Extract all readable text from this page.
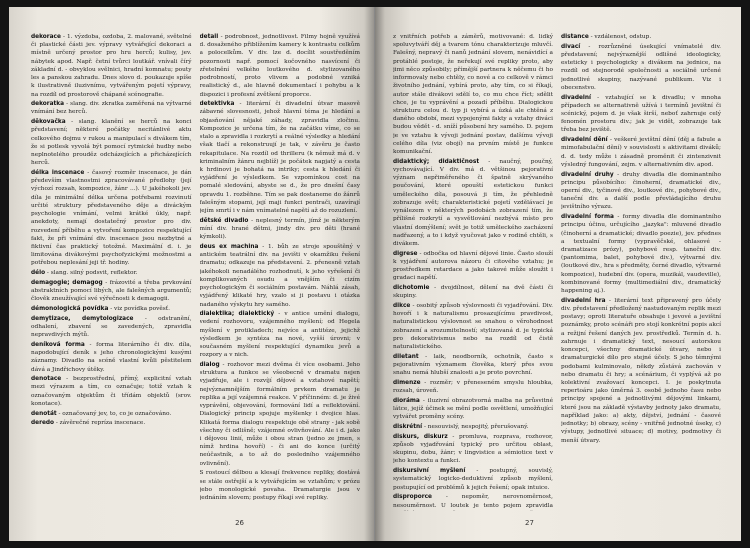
dekorace - 1. výzdoba, ozdoba, 2. malované, světelné či plastické části jev. výpravy vytvářející dekoraci a místně určený prostor pro hru herců; kulisy, jev. nábytek apod. Např. četní tvůrci loutkář. vnívali čírý základní d. - obvyklou svělnici, hradní komnatu; pouty les a panskou zahradu. Dnes slovo d. poukazuje spíše k ilustrativně iluzivnímu, vytvářeným pojetí výpravy, na rozdíl od prostorově chápané scénografie.

dekoratka - slang. div. zkratka zaměřená na výtvarné vnímání bez herců.

děkovačka - slang. klanění se herců na konci představení; některé počátky necitánlivé aktu celkového dojmu v rukou a manipulací s divákem tím, že si potlesk vyvolá být pomocí rytmické hudby nebo neplnotelého prouděz odcházejících a přicházejících herců.

délka inscenace - časový rozměr inscenace, je dán především vlastnostmi zpracovávané předlohy (její výchozí rozsah, kompozice, žánr ...). U jakéhokoli jev. díla je minimální délka určena potřebami rozvinutí určité struktury představeného děje a diváckým psychologie vnímání, velmi krátké úkly, např. anekdoty, nemají dostatečný prostor pro div. rozvedení příběhu a vytvoření kompozice respektující fakt, že při vnímání div. inscenace jsou nezbytné a fiktivní čas praktický totožné. Maximální d. i. je limitována divákovými psychofyzickými možnostmi a potřebou neplesání jeji tř. hodiny.

délo - slang. silný podsvit, reflektor.

demagogie; demagog - frázovité a třeba prvkování abstraktních pomocí libých, ale falešných argumentů; člověk zneužívající své výřečnosti k demagogii.

démonologická povídka - viz povídka pověsť.

demytizace, demytologizace - odstranění, odhalení, zbavení se zavedených, zpravidla nepravdivých mýtů.

deníková forma - forma literárního či div. díla, napodobující deník s jeho chronologickými kusými záznamy. Divadlo na scéně vlastní kvůli pěstitelem dává a Jindřichovy útěky.

denotace - bezprostřední, přímý, explicitní vztah mezi výrazem a tím, co označuje; totiž vztah k označovaným objektům či třídám objektů (srov. konotace).

denotát - označovaný jev, to, co je označováno.

deredo - závěrečné repríza inscenace.

detail - podrobnost, jednotlivost. Filmy hojně využívá d. dosaženého přiblížením kamery k kontrastu celkům a polocelkům. V div. lze d. docílit soustředěním pozornosti např. pomocí kočovného nasvícení či zřetelnění velkého loutkového d. stylizovaného podrobností, proto vlivem a podobné vzniká realistický d., ale hlavně dokumentací i pohybu a k dispozici i profesní zvětšení proporce.

detektivka - literární či divadelní útvar masově zábavné slovesnosti, jehož hlavní téma je hledání a objasňování nějaké záhady, zpravidla zločinu. Kompozice je určena tím, že na začátku víme, co se stalo a zpravidla i rozkrytí a reálné výsledky a hledání však tlačí a rekonstruují je tak, v závěru je často rekapitulace. Na rozdíl od thrilleru (k němuž má d. v kriminalním žánru nejblíž) je počátek napjatý a cesta k hrdinovi je bohatá na intriky; cesta k hledání či vyjádření je výsledkem. Se vzpomínkou cost na pomalé sledování, abyste se d., že pro dnešní časy opravdu 1. rozběhne. Tím se pak dostaneme do žánrů falešným stopami, její maji funkci pentrači, uzavírají jejím smrtí i v nám vnímatelné napětí až do rozuzlení.

dětské divadlo - neplesný termín, jímž je některým míní div. hrané dětmi, jindy div. pro děti (hrané kýmkoli).

deus ex machina - 1. bůh ze stroje spouštěný v antickém teatrální div. na jevišti v okamžiku řešení dramatu; odkazuje na představení. 2. přenesně vztah jakéhokoli nenadálého rozhodnutí, k jeho vyřešení či komplikovaných osudu a vnějším či cizím psychologickým či sociálním postavám. Náhlá zásah, vyjádřený klikaté hry, vzalo si ji postavu i otázka nadaného výskytu hry samého.

dialektika; dialektický - v antice umění dialogu, vedení rozhovoru, vzájemného myšlení; od Hegela myšlení v protikladech; nejvíce a antitéze, jejichž výsledkem je syntéza na nové, vyšší úrovni; v současném myšlení respektující dynamiku jevů a rozpory a v nich.

dialog - rozhovor mezi dvěma či více osobami. Jeho struktura a funkce se všeobecně v dramatu nejen vyjadřuje, ale i rozvíjí dějové a vztahové napětí; nejvýznamnějším formálním prvkem dramatu je replika a její vzájemná reakce. V příčinném: d. je živé vyprávění, objevování, formování lidí a reflektování. Dialogický princip spojuje myšlenky i dvojice hlas. Klikatá forma dialogu respektuje obě strany - jak sobě všechny či odlišně; vzájemné ovlivňování. Ale i d. jako i dějovou linií, může i obou stran (jedno ze jmen, s nímž hrdina hovoří) - či ani do konce (určitý neúčastník, a to až do posledního vzájemného ovlivnění).

S rostoucí dělbou a klesají frekvence repliky, dostává se stále ostřejší a k vytvářejícím se vztahům; v prózu jebo monologické povaha. Dramaturgie jsou v jednáním slovem; postupy říkají své repliky.

26

z vnitřních potřeb a záměrů, motivované: d. lidký spoluvytváří děj a tvarem tónu charakterizuje mluvčí. Falešný, nepravý či nanů jednání slovem, nenávidící a protáhlé postoje, že neřekují své repliky proto, aby jimi něco způsobily; přímější partnera k něčemu či ho informovaly nebo chtěly, co nové a co celkově v rámci životního jednání, vybírá proto, aby tím, co si říkají, autor stále divákovi sdělí to, co mu chce říct; sdělit chce, je tu vyprávění a pozadí příběhu. Dialogickou strukturu celou d. typ ji vybírá a úzká ale chtěná z daného období, mezi vypojenými fakty a vztahy diváci budou vědět - d. sníží působení hry samého. D. pojem je ve vztahu k vývoji jednání postav, dalšímu vývoji celého díla (viz obojí) na prvním místě je funkce komunikační.

didaktický; didaktičnost - naučný, poučný, vychovávající. V div. má d. většinou pejorativní význam nepřiměřeného či špatně skrývaného poučování, které opouští estetickou funkci uměleckého díla, posouvá ji tím, že přehledně zobrazuje svět; charakteristické pojetí vzdělávací je vynálezem v některých podobách zobrazení tím, že přílišné rozkrytí a vysvětlování nezbývá místo pro vlastní domýšlení; svět je totiž uměleckého zacházení nadřazený, a to i když vyučovat jako v rodině chtěli, s divákem.

digrese - odbočka od hlavní dějové linie. Často slouží k vyjádření autorova názoru či citového vztahu; je prostředkem retardace a jako takové může sloužit i gradaci napětí.

dichotomie - dvojdílnost, dělení na dvě části či skupiny.

dikce - osobitý způsob výslovnosti či vyjadřování. Div. hovoří i k naturalismu prosazujícímu pravdivost, naturalistickou výslovnost se snahou o věrohodnost zobrazení a srozumitelností; stylizovaná d. je typická pro dekorativismus nebo na rozdíl od čistě naturalistického.

diletant - laik, neodborník, ochotník, často s pejorativním významem člověka, který přes svou snahu nemá hlubší znalosti a je proto povrchní.

dimenze - rozměr; v přeneseném smyslu hloubka, rozsah, úroveň.

dioráma - iluzivní obrazotvorná malba na průsvitné látce, jejíž účinek se mění podle osvětlení, umožňující vytvářet proměny scény.

diskrétní - nesouvislý, nespojitý, přerušovaný.

diskurs, diskurz - promluva, rozprava, rozhovor, způsob vyjadřování typický pro určitou oblast, skupinu, dobu, žánr; v lingvistice a sémiotice text v jeho kontextu a funkci.

diskursivní myšlení - postupný, souvislý, systematický logicko-deduktivní způsob myšlení, postupující od problémů k jejich řešení; opak intuice.

disproporce - nepoměr, nerovnoměrnost, nesouměrnost. U loutek je tento pojem zpravidla

distance - vzdálenost, odstup.

divací - rozrůzněné úsekující vnímatelé div. představení; nejvýraznější odlišné ideologicky, esteticky i psychologicky s divákem na jednice, na rozdíl od stejnorodé společnosti a sociálně určené jednotlivé skupiny, nazývané publikum. Viz i obecenstvo.

divadelní - vztahující se k divadlu; v mnoha případech se alternativně užívá i termínů jevištní či scénický, pojem d. je však širší, neboť zahrnuje celý fenomén prostoru div.; jak je vidět, zobrazuje tak třeba bez jeviště.

divadelní dění - veškeré jevištní dění (děj a fabule a mimofabulační dění) v souvislosti s aktivitami diváků; d. d. tedy může i zásadně proměnit či zintenzivnit výsledný fungování, zejm. v alternativním div. apod.

divadelní druhy - druhy divadla dle dominantního principu působícího: činoherní, dramatické div., operní div., tyčinové div., loutkové div., pohybové div., taneční div. a další podle převládajícího druhu jevištního výrazu.

divadelní forma - formy divadla dle dominantního principu účinu, určujícího „jazyka": mluvené divadlo (činoherní a dramatické; divadlo poezie), jev. přednes a textualní formy (vypravěčské, ohlasové - dramatizace prózy), pohybové resp. taneční div. (pantomima, balet, pohybové div.), výtvarné div. (loutkové div., hra s předměty, černé divadlo, výtvarné kompozice), hudební div. (opera, muzikál, vaudeville), kombinované formy (multimediální div., dramatický happening aj.).

divadelní hra - literární text připravený pro účely div. představení předložený nastudovaným replik mezi postavy; oproti literatuře obsahuje i jevové a jevištní poznámky, proto scénáři pro stojí konkrétní popis akcí a režijní řešení daných jev. prostředků. Termín d. h. zahrnuje i dramatický text, nesoucí autorskou koncepci, všechny dramatické útvary, nebo i dramaturgické dílo pro stejné účely. S jeho témnými podobami kulminovalo, někdy zůstává zachován v nebo dramatu či hry; a scénárium, či vyplývá až po kolektivní zvažovací koncepci. I. je poskytnuta repertoáru jako úměrná 3. osobě jednoho času nebo principy spojené a jednotlivými dějovými linkami, které jsou na základě výstavby jednoty jako dramatu, například jako: a) akty, dějství, jednání - časové jednotky; b) obrazy, scény - vnitřně jednotné úseky, c) výstupy, jednotlivé situace; d) motivy, podmotivy či menší útvary.

27
